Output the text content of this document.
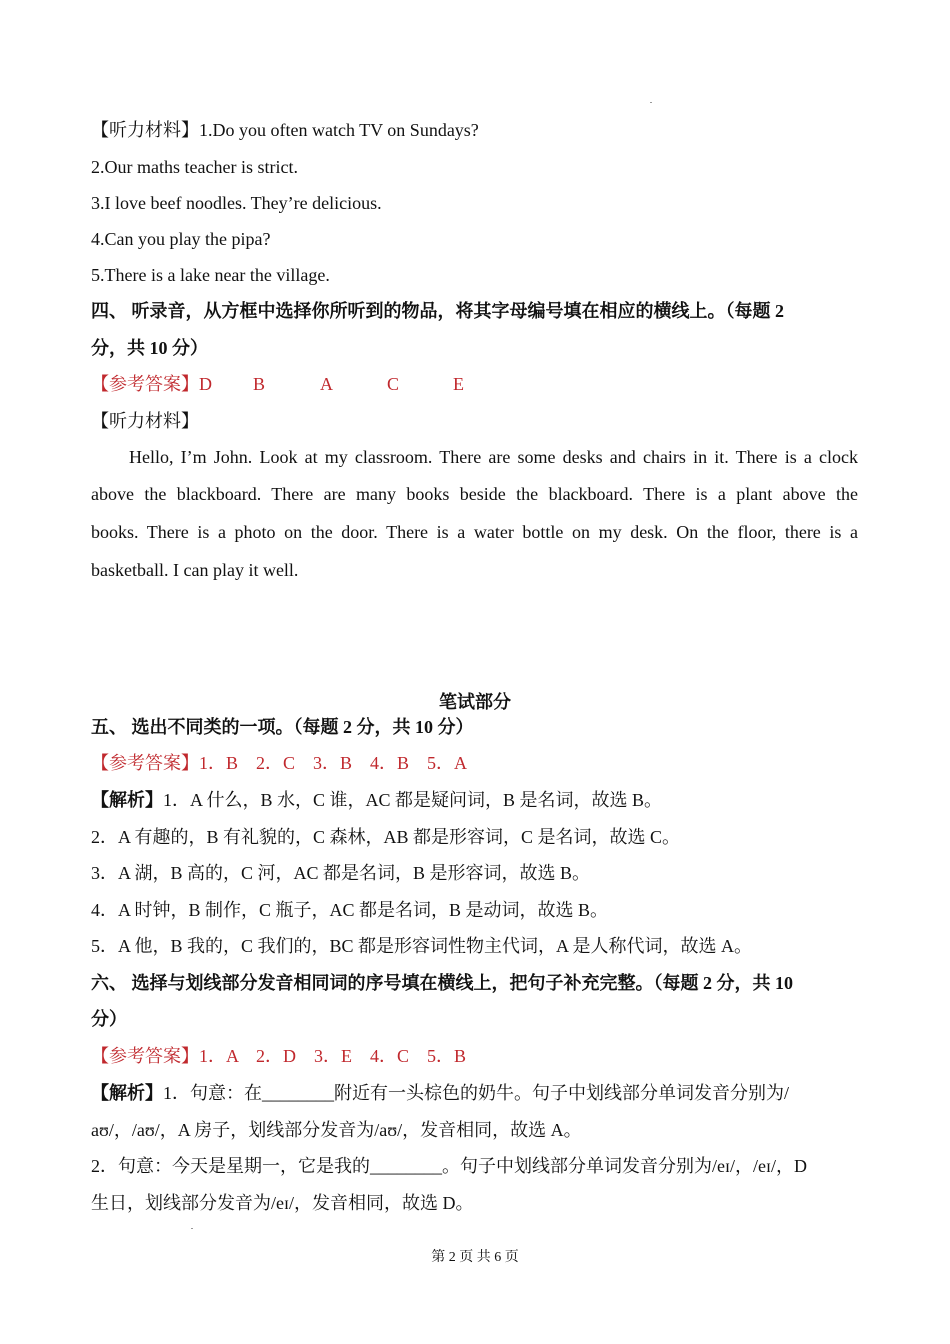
【听力材料】1.Do you often watch TV on Sundays?
2.Our maths teacher is strict.
3.I love beef noodles. They’re delicious.
4.Can you play the pipa?
5.There is a lake near the village.
四、 听录音，从方框中选择你所听到的物品，将其字母编号填在相应的横线上。（每题 2
分，共 10 分）
【参考答案】D B	A	C	E
【听力材料】
Hello, I’m John. Look at my classroom. There are some desks and chairs in it. There is a clock
above the blackboard. There are many books beside the blackboard. There is a plant above the
books. There is a photo on the door. There is a water bottle on my desk. On the floor, there is a
basketball. I can play it well.
笔试部分
五、 选出不同类的一项。（每题 2 分，共 10 分）
【参考答案】1．B　2．C　3．B　4．B　5．A
【解析】1．A 什么，B 水，C 谁，AC 都是疑问词，B 是名词，故选 B。
2．A 有趣的，B 有礼貌的，C 森林，AB 都是形容词，C 是名词，故选 C。
3．A 湖，B 高的，C 河，AC 都是名词，B 是形容词，故选 B。
4．A 时钟，B 制作，C 瓶子，AC 都是名词，B 是动词，故选 B。
5．A 他，B 我的，C 我们的，BC 都是形容词性物主代词，A 是人称代词，故选 A。
六、 选择与划线部分发音相同词的序号填在横线上，把句子补充完整。（每题 2 分，共 10
分）
【参考答案】1．A　2．D　3．E　4．C　5．B
【解析】1．句意：在________附近有一头棕色的奶牛。句子中划线部分单词发音分别为/
aʊ/，/aʊ/，A 房子，划线部分发音为/aʊ/，发音相同，故选 A。
2．句意：今天是星期一，它是我的________。句子中划线部分单词发音分别为/eɪ/，/eɪ/，D
生日，划线部分发音为/eɪ/，发音相同，故选 D。
第 2 页 共 6 页
